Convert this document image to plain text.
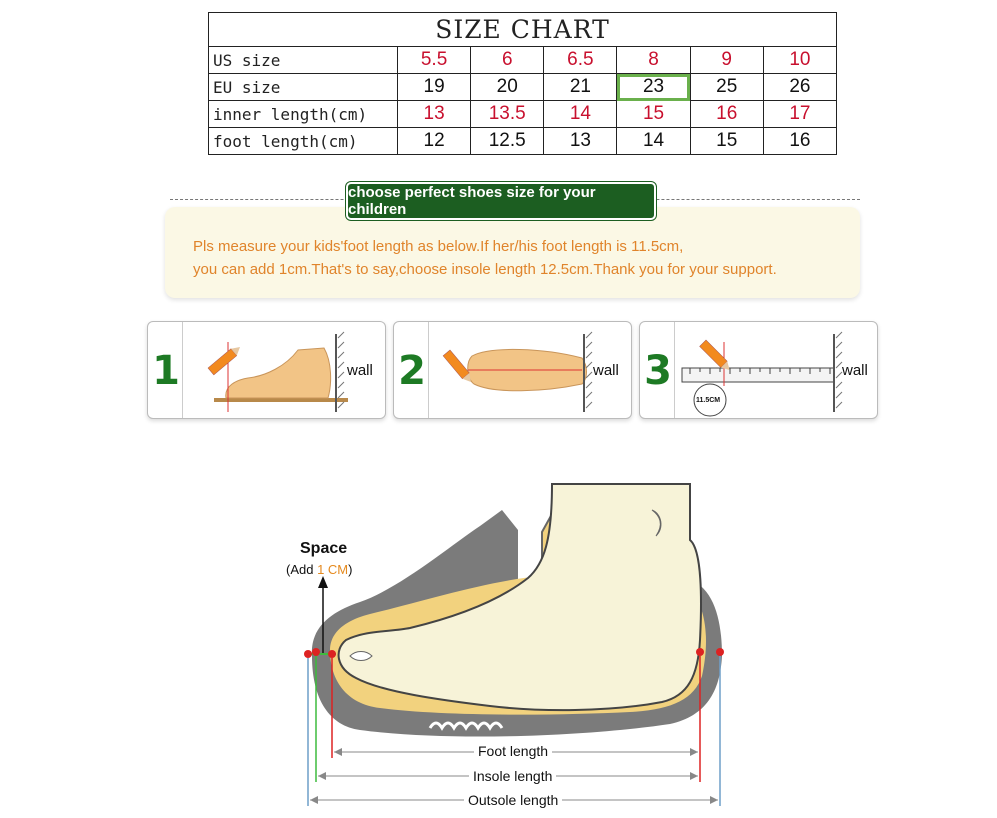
SIZE CHART						
US size	5.5	6	6.5	8	9	10
EU size	19	20	21	23	25	26
inner length(cm)	13	13.5	14	15	16	17
foot length(cm)	12	12.5	13	14	15	16
Pls measure your kids'foot length as below.If her/his foot length is 11.5cm,
you can add 1cm.That's to say,choose insole length 12.5cm.Thank you for your support.
choose perfect shoes size for your children
1	wall 2	wall 3
11.5CM
wall
Space
(Add 1 CM)
Foot length
Insole length
Outsole length
